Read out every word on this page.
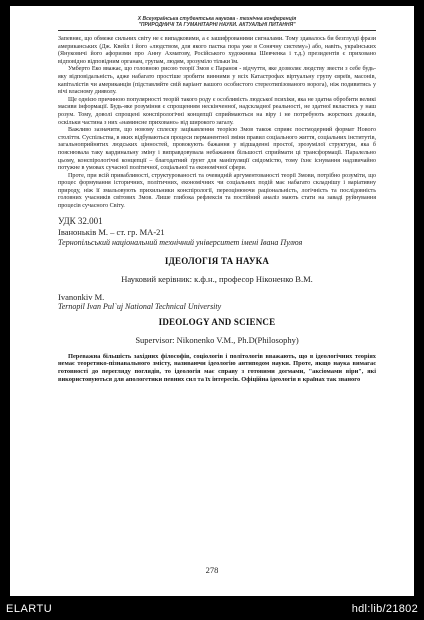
X Всеукраїнська студентська наукова - технічна конференція
"ПРИРОДНИЧІ ТА ГУМАНІТАРНІ НАУКИ. АКТУАЛЬНІ ПИТАННЯ"

Запевняє, що обмеже сильних світу не є випадковими, а є зашифрованими сигналами. Тому здавалось би безглузді фрази американських (Дж. Квейл і його «людством, для якого пастка пора уже в Сонячну систему») або, навіть, українських (Януковичі його афоризми про Анну Ахматову, Російського художника Шевченка і т.д.) президентів є приховано відповідно відповідним органам, групам, людям, зрозуміло тільки їм.

Умберто Еко вважає, що головною рисою теорії Змов є Параноя - відчуття, яке дозволяє людству звести з себе будь-яку відповідальність, адже набагато простіше зробити винними у всіх Катастрофах віртуальну групу євреїв, масонів, капіталістів чи американців (підставляйте свій варіант вашого особистого стереотипізованого ворога), ніж подивитись у вічі власному дияволу.

Ще однією причиною популярності теорій такого роду є особливість людської психіки, яка не здатна обробити великі масиви інформації. Будь-яке розуміння є спрощенням нескінченної, надскладної реальності, не здатної вкластись у наш розум. Тому, доволі спрощені конспірологічні концепції сприймаються на віру і не потребують жорстких доказів, оскільки частина з них «наминсне приховано» від широкого загалу.

Важливо зазначити, що новому сплеску зацікавлення теорією Змов також сприяє постмодерний формат Нового століття. Суспільства, в яких відбуваються процеси перманентної зміни правил соціального життя, соціальних інститутів, загальноприйнятих людських цінностей, провокують бажання у відшаденні простої, зрозумілої структури, яка б пояснювала таку кардинальну зміну і виправдовувала небажання більшості сприймати ці трансформації. Паралельно цьому, конспірологічні концепції – благодатний ґрунт для маніпуляції свідомістю, тому їхнє існування надзвичайно потужне в умовах сучасної політичної, соціальної та економічної сфери.

Проте, при всій привабливості, структурованості та очевидній аргументованості теорії Змови, потрібно розуміти, що процес формування історичних, політичних, економічних чи соціальних подій має набагато складнішу і варіативну природу, ніж її змальовують прихильники конспірології, переоцінюючи раціональність, логічність та послідовність головних учасників світових Змов. Лише глибока рефлексія та постійний аналіз мають стати на заваді руйнування процесів сучасного Світу.

УДК 32.001
Іваноньків М. – ст. гр. МА-21
Тернопільський національний технічний університет імені Івана Пулюя
ІДЕОЛОГІЯ ТА НАУКА
Науковий керівник: к.ф.н., професор Ніконенко В.М.
Ivanonkiv M.
Ternopil Ivan Pul`uj National Technical University
IDEOLOGY AND SCIENCE
Supervisor: Nikonenko V.M., Ph.D(Philosophy)

Переважна більшість західних філософів, соціологів і політологів вважають, що в ідеологічних теоріях немає теоретико-пізнавального змісту, називаючи ідеологію антиподом науки. Проте, якщо наука вимагає готовності до перегляду поглядів, то ідеологія має справу з готовими догмами, "аксіомами віри", які використовуються для апологетики певних сил та їх інтересів. Офіційна ідеологія в країнах так званого

278
ELARTU	hdl:lib/21802
